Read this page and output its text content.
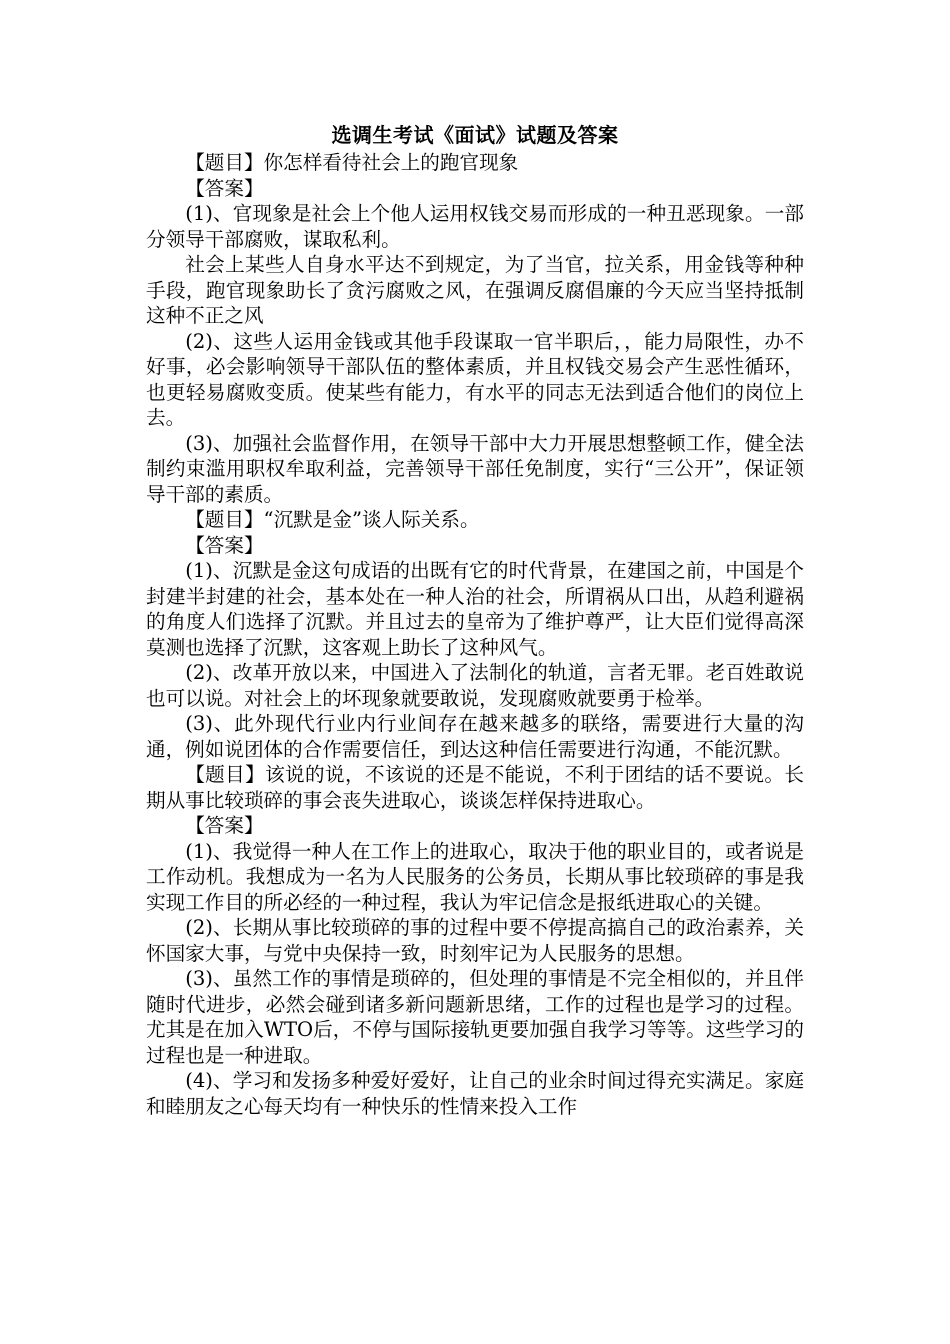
选调生考试《面试》试题及答案

【题目】你怎样看待社会上的跑官现象

【答案】

(1)、官现象是社会上个他人运用权钱交易而形成的一种丑恶现象。一部分领导干部腐败，谋取私利。

社会上某些人自身水平达不到规定，为了当官，拉关系，用金钱等种种手段，跑官现象助长了贪污腐败之风，在强调反腐倡廉的今天应当坚持抵制这种不正之风

(2)、这些人运用金钱或其他手段谋取一官半职后，，能力局限性，办不好事，必会影响领导干部队伍的整体素质，并且权钱交易会产生恶性循环，也更轻易腐败变质。使某些有能力，有水平的同志无法到适合他们的岗位上去。

(3)、加强社会监督作用，在领导干部中大力开展思想整顿工作，健全法制约束滥用职权牟取利益，完善领导干部任免制度，实行“三公开”，保证领导干部的素质。

【题目】“沉默是金”谈人际关系。

【答案】

(1)、沉默是金这句成语的出既有它的时代背景，在建国之前，中国是个封建半封建的社会，基本处在一种人治的社会，所谓祸从口出，从趋利避祸的角度人们选择了沉默。并且过去的皇帝为了维护尊严，让大臣们觉得高深莫测也选择了沉默，这客观上助长了这种风气。

(2)、改革开放以来，中国进入了法制化的轨道，言者无罪。老百姓敢说也可以说。对社会上的坏现象就要敢说，发现腐败就要勇于检举。

(3)、此外现代行业内行业间存在越来越多的联络，需要进行大量的沟通，例如说团体的合作需要信任，到达这种信任需要进行沟通，不能沉默。

【题目】该说的说，不该说的还是不能说，不利于团结的话不要说。长期从事比较琐碎的事会丧失进取心，谈谈怎样保持进取心。

【答案】

(1)、我觉得一种人在工作上的进取心，取决于他的职业目的，或者说是工作动机。我想成为一名为人民服务的公务员，长期从事比较琐碎的事是我实现工作目的所必经的一种过程，我认为牢记信念是报纸进取心的关键。

(2)、长期从事比较琐碎的事的过程中要不停提高搞自己的政治素养，关怀国家大事，与党中央保持一致，时刻牢记为人民服务的思想。

(3)、虽然工作的事情是琐碎的，但处理的事情是不完全相似的，并且伴随时代进步，必然会碰到诸多新问题新思绪，工作的过程也是学习的过程。尤其是在加入WTO后，不停与国际接轨更要加强自我学习等等。这些学习的过程也是一种进取。

(4)、学习和发扬多种爱好爱好，让自己的业余时间过得充实满足。家庭和睦朋友之心每天均有一种快乐的性情来投入工作
